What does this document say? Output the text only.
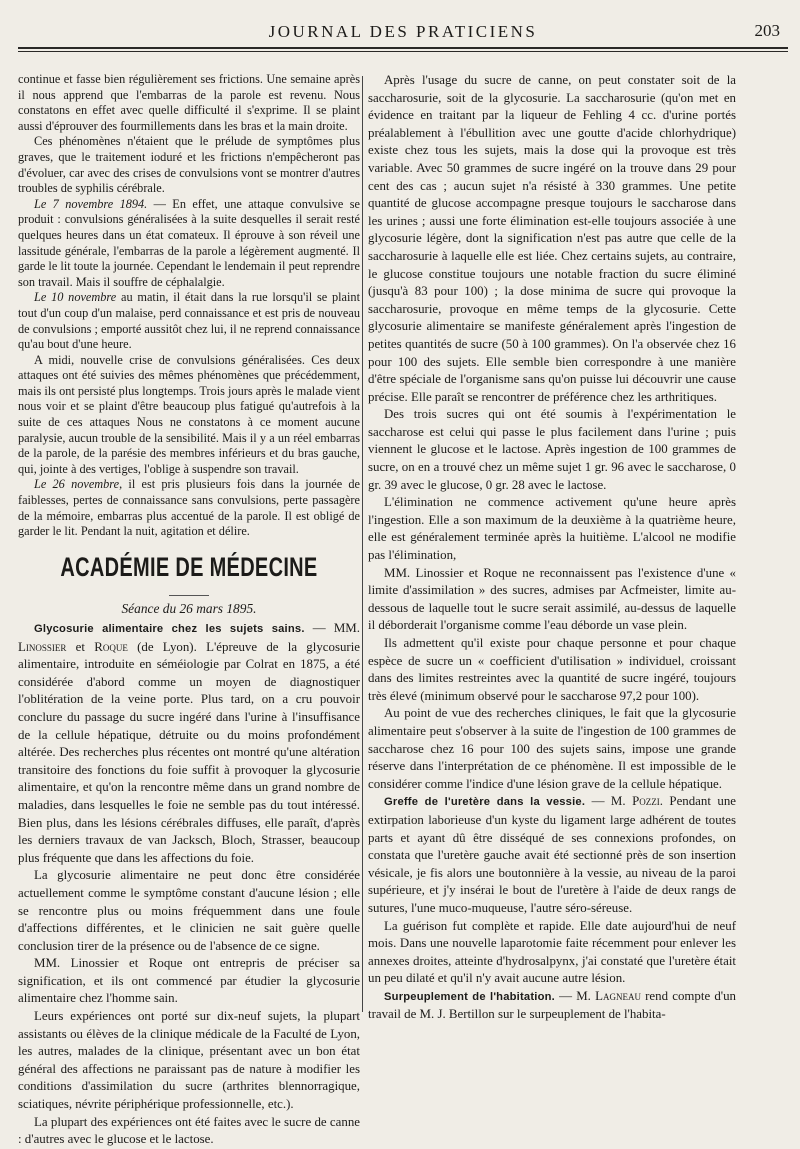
JOURNAL DES PRATICIENS	203

continue et fasse bien régulièrement ses frictions. Une semaine après il nous apprend que l'embarras de la parole est revenu. Nous constatons en effet avec quelle difficulté il s'exprime. Il se plaint aussi d'éprouver des fourmillements dans les bras et la main droite.

Ces phénomènes n'étaient que le prélude de symptômes plus graves, que le traitement ioduré et les frictions n'empêcheront pas d'évoluer, car avec des crises de convulsions vont se montrer d'autres troubles de syphilis cérébrale.

Le 7 novembre 1894. — En effet, une attaque convulsive se produit : convulsions généralisées à la suite desquelles il serait resté quelques heures dans un état comateux. Il éprouve à son réveil une lassitude générale, l'embarras de la parole a légèrement augmenté. Il garde le lit toute la journée. Cependant le lendemain il peut reprendre son travail. Mais il souffre de céphalalgie.

Le 10 novembre au matin, il était dans la rue lorsqu'il se plaint tout d'un coup d'un malaise, perd connaissance et est pris de nouveau de convulsions ; emporté aussitôt chez lui, il ne reprend connaissance qu'au bout d'une heure.

A midi, nouvelle crise de convulsions généralisées. Ces deux attaques ont été suivies des mêmes phénomènes que précédemment, mais ils ont persisté plus longtemps. Trois jours après le malade vient nous voir et se plaint d'être beaucoup plus fatigué qu'autrefois à la suite de ces attaques Nous ne constatons à ce moment aucune paralysie, aucun trouble de la sensibilité. Mais il y a un réel embarras de la parole, de la parésie des membres inférieurs et du bras gauche, qui, jointe à des vertiges, l'oblige à suspendre son travail.

Le 26 novembre, il est pris plusieurs fois dans la journée de faiblesses, pertes de connaissance sans convulsions, perte passagère de la mémoire, embarras plus accentué de la parole. Il est obligé de garder le lit. Pendant la nuit, agitation et délire.

ACADÉMIE DE MÉDECINE
Séance du 26 mars 1895.

Glycosurie alimentaire chez les sujets sains. — MM. Linossier et Roque (de Lyon). L'épreuve de la glycosurie alimentaire, introduite en séméiologie par Colrat en 1875, a été considérée d'abord comme un moyen de diagnostiquer l'oblitération de la veine porte. Plus tard, on a cru pouvoir conclure du passage du sucre ingéré dans l'urine à l'insuffisance de la cellule hépatique, détruite ou du moins profondément altérée. Des recherches plus récentes ont montré qu'une altération transitoire des fonctions du foie suffit à provoquer la glycosurie alimentaire, et qu'on la rencontre même dans un grand nombre de maladies, dans lesquelles le foie ne semble pas du tout intéressé. Bien plus, dans les lésions cérébrales diffuses, elle paraît, d'après les derniers travaux de van Jacksch, Bloch, Strasser, beaucoup plus fréquente que dans les affections du foie.

La glycosurie alimentaire ne peut donc être considérée actuellement comme le symptôme constant d'aucune lésion ; elle se rencontre plus ou moins fréquemment dans une foule d'affections différentes, et le clinicien ne sait guère quelle conclusion tirer de la présence ou de l'absence de ce signe.

MM. Linossier et Roque ont entrepris de préciser sa signification, et ils ont commencé par étudier la glycosurie alimentaire chez l'homme sain.

Leurs expériences ont porté sur dix-neuf sujets, la plupart assistants ou élèves de la clinique médicale de la Faculté de Lyon, les autres, malades de la clinique, présentant avec un bon état général des affections ne paraissant pas de nature à modifier les conditions d'assimilation du sucre (arthrites blennorragique, sciatiques, névrite périphérique professionnelle, etc.).

La plupart des expériences ont été faites avec le sucre de canne : d'autres avec le glucose et le lactose.

Après l'usage du sucre de canne, on peut constater soit de la saccharosurie, soit de la glycosurie. La saccharosurie (qu'on met en évidence en traitant par la liqueur de Fehling 4 cc. d'urine portés préalablement à l'ébullition avec une goutte d'acide chlorhydrique) existe chez tous les sujets, mais la dose qui la provoque est très variable. Avec 50 grammes de sucre ingéré on la trouve dans 29 pour cent des cas ; aucun sujet n'a résisté à 330 grammes. Une petite quantité de glucose accompagne presque toujours le saccharose dans les urines ; aussi une forte élimination est-elle toujours associée à une glycosurie légère, dont la signification n'est pas autre que celle de la saccharosurie à laquelle elle est liée. Chez certains sujets, au contraire, le glucose constitue toujours une notable fraction du sucre éliminé (jusqu'à 83 pour 100) ; la dose minima de sucre qui provoque la saccharosurie, provoque en même temps de la glycosurie. Cette glycosurie alimentaire se manifeste généralement après l'ingestion de petites quantités de sucre (50 à 100 grammes). On l'a observée chez 16 pour 100 des sujets. Elle semble bien correspondre à une manière d'être spéciale de l'organisme sans qu'on puisse lui découvrir une cause précise. Elle paraît se rencontrer de préférence chez les arthritiques.

Des trois sucres qui ont été soumis à l'expérimentation le saccharose est celui qui passe le plus facilement dans l'urine ; puis viennent le glucose et le lactose. Après ingestion de 100 grammes de sucre, on en a trouvé chez un même sujet 1 gr. 96 avec le saccharose, 0 gr. 39 avec le glucose, 0 gr. 28 avec le lactose.

L'élimination ne commence activement qu'une heure après l'ingestion. Elle a son maximum de la deuxième à la quatrième heure, elle est généralement terminée après la huitième. L'alcool ne modifie pas l'élimination,

MM. Linossier et Roque ne reconnaissent pas l'existence d'une « limite d'assimilation » des sucres, admises par Acfmeister, limite au-dessous de laquelle tout le sucre serait assimilé, au-dessus de laquelle il déborderait l'organisme comme l'eau déborde un vase plein.

Ils admettent qu'il existe pour chaque personne et pour chaque espèce de sucre un « coefficient d'utilisation » individuel, croissant dans des limites restreintes avec la quantité de sucre ingéré, toujours très élevé (minimum observé pour le saccharose 97,2 pour 100).

Au point de vue des recherches cliniques, le fait que la glycosurie alimentaire peut s'observer à la suite de l'ingestion de 100 grammes de saccharose chez 16 pour 100 des sujets sains, impose une grande réserve dans l'interprétation de ce phénomène. Il est impossible de le considérer comme l'indice d'une lésion grave de la cellule hépatique.

Greffe de l'uretère dans la vessie. — M. Pozzi. Pendant une extirpation laborieuse d'un kyste du ligament large adhérent de toutes parts et ayant dû être disséqué de ses connexions profondes, on constata que l'uretère gauche avait été sectionné près de son insertion vésicale, je fis alors une boutonnière à la vessie, au niveau de la paroi supérieure, et j'y insérai le bout de l'uretère à l'aide de deux rangs de sutures, l'une muco-muqueuse, l'autre séro-séreuse.

La guérison fut complète et rapide. Elle date aujourd'hui de neuf mois. Dans une nouvelle laparotomie faite récemment pour enlever les annexes droites, atteinte d'hydrosalpynx, j'ai constaté que l'uretère était un peu dilaté et qu'il n'y avait aucune autre lésion.

Surpeuplement de l'habitation. — M. Lagneau rend compte d'un travail de M. J. Bertillon sur le surpeuplement de l'habita-
